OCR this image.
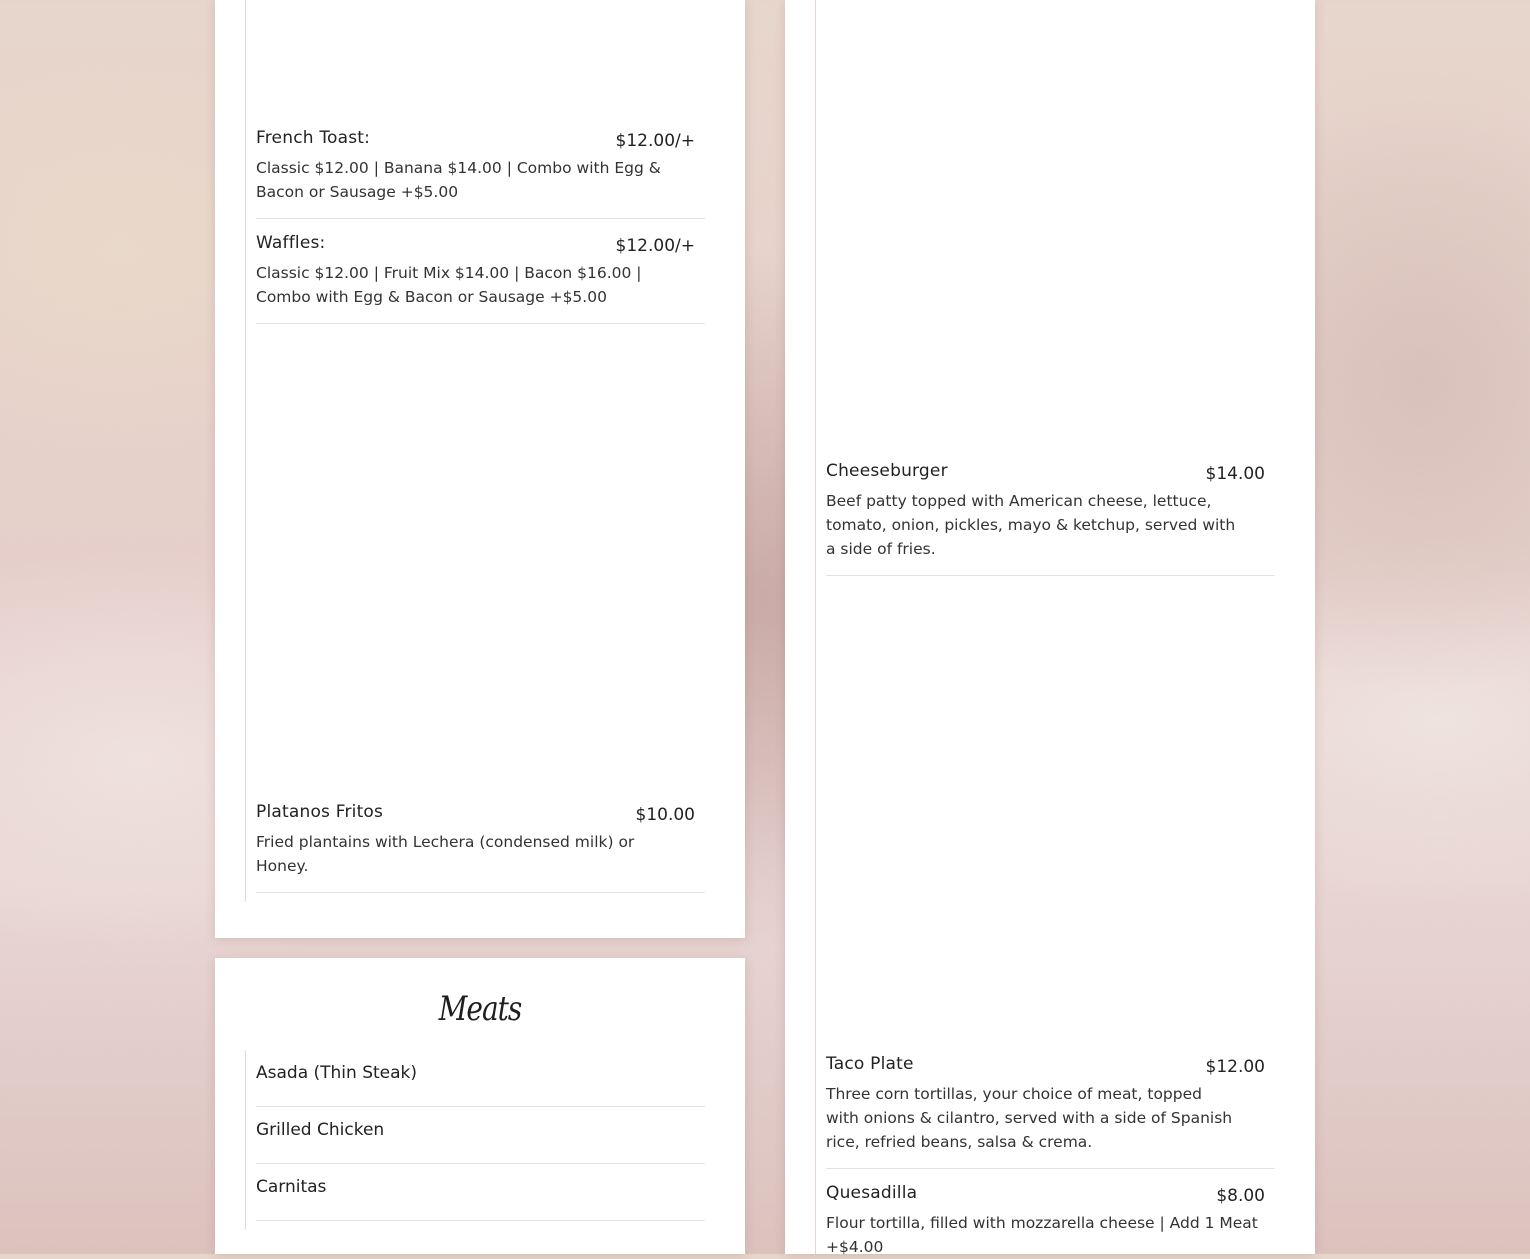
French Toast:	$12.00/+
Classic $12.00 | Banana $14.00 | Combo with Egg & Bacon or Sausage +$5.00
Waffles:	$12.00/+
Classic $12.00 | Fruit Mix $14.00 | Bacon $16.00 | Combo with Egg & Bacon or Sausage +$5.00
Platanos Fritos	$10.00
Fried plantains with Lechera (condensed milk) or Honey.
Meats
Asada (Thin Steak)
Grilled Chicken
Carnitas
Cheeseburger	$14.00
Beef patty topped with American cheese, lettuce, tomato, onion, pickles, mayo & ketchup, served with a side of fries.
Taco Plate	$12.00
Three corn tortillas, your choice of meat, topped with onions & cilantro, served with a side of Spanish rice, refried beans, salsa & crema.
Quesadilla	$8.00
Flour tortilla, filled with mozzarella cheese | Add 1 Meat +$4.00
